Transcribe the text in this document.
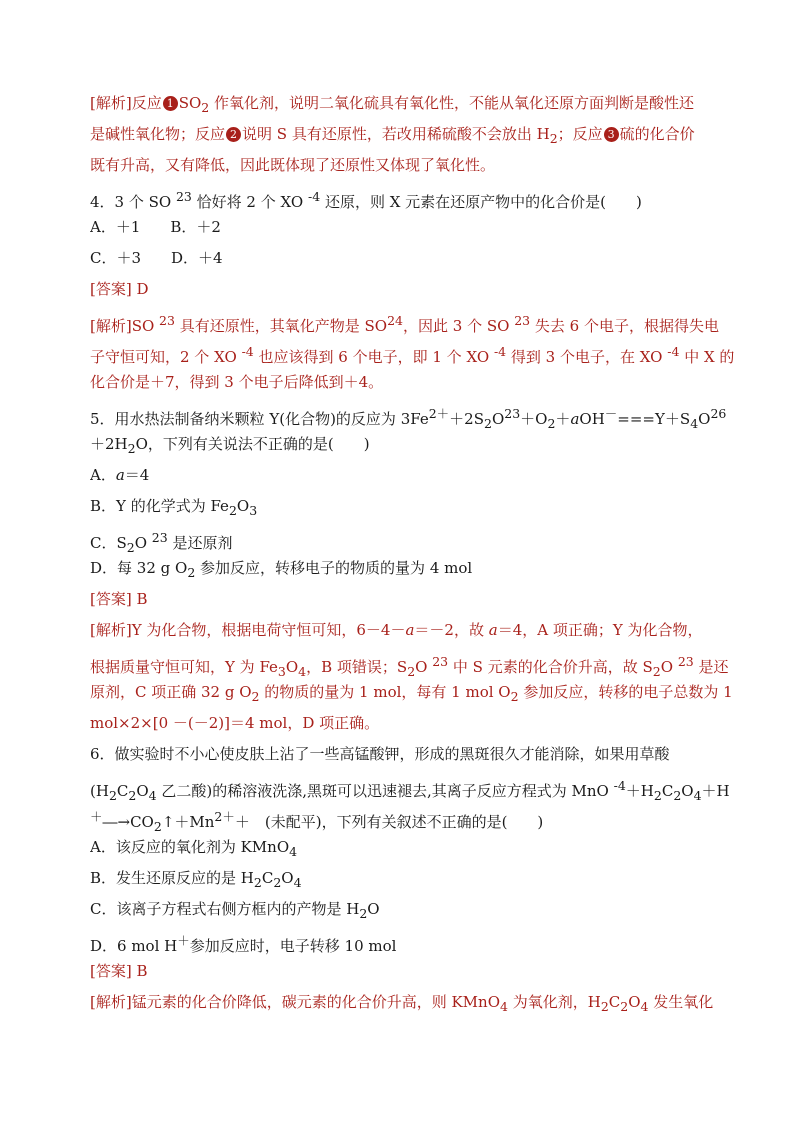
[解析]反应 1 $SO_2$ 作氧化剂，说明二氧化硫具有氧化性，不能从氧化还原方面判断是酸性还
是碱性氧化物；反应 2 说明 S 具有还原性，若改用稀硫酸不会放出 $H_2$；反应 3 硫的化合价
既有升高，又有降低，因此既体现了还原性又体现了氧化性。
4．3 个 SO $^{23}$ 恰好将 2 个 XO $^{-4}$ 还原，则 X 元素在还原产物中的化合价是(　　)
A．＋1　　B．＋2
C．＋3　　D．＋4
[答案] D
[解析]SO $^{23}$ 具有还原性，其氧化产物是 SO$^{24}$，因此 3 个 SO $^{23}$ 失去 6 个电子，根据得失电
子守恒可知，2 个 XO $^{-4}$ 也应该得到 6 个电子，即 1 个 XO $^{-4}$ 得到 3 个电子，在 XO $^{-4}$ 中 X 的
化合价是＋7，得到 3 个电子后降低到＋4。
5．用水热法制备纳米颗粒 Y(化合物)的反应为 $3Fe^{2+}+2S_2O^{23}+O_2+aOH^-===Y+S_4O^{26}$
$+2H_2O$，下列有关说法不正确的是(　　)
A．a＝4
B．Y 的化学式为 $Fe_2O_3$
C．$S_2O$ $^{23}$ 是还原剂
D．每 32 g $O_2$ 参加反应，转移电子的物质的量为 4 mol
[答案] B
[解析]Y 为化合物，根据电荷守恒可知，6－4－a＝－2，故 a＝4，A 项正确；Y 为化合物，
根据质量守恒可知，Y 为 $Fe_3O_4$，B 项错误；$S_2O$ $^{23}$ 中 S 元素的化合价升高，故 $S_2O$ $^{23}$ 是还
原剂，C 项正确 32 g $O_2$ 的物质的量为 1 mol，每有 1 mol $O_2$ 参加反应，转移的电子总数为 1
mol×2×[0 －(－2)]＝4 mol，D 项正确。
6．做实验时不小心使皮肤上沾了一些高锰酸钾，形成的黑斑很久才能消除，如果用草酸
($H_2C_2O_4$ 乙二酸)的稀溶液洗涤,黑斑可以迅速褪去,其离子反应方程式为 MnO $^{-4}+H_2C_2O_4+H$
$^+―\to CO_2↑+Mn^{2+}+$　(未配平)，下列有关叙述不正确的是(　　)
A．该反应的氧化剂为 KMnO$_4$
B．发生还原反应的是 $H_2C_2O_4$
C．该离子方程式右侧方框内的产物是 $H_2O$
D．6 mol H＋参加反应时，电子转移 10 mol
[答案] B
[解析]锰元素的化合价降低，碳元素的化合价升高，则 KMnO$_4$ 为氧化剂，$H_2C_2O_4$ 发生氧化
